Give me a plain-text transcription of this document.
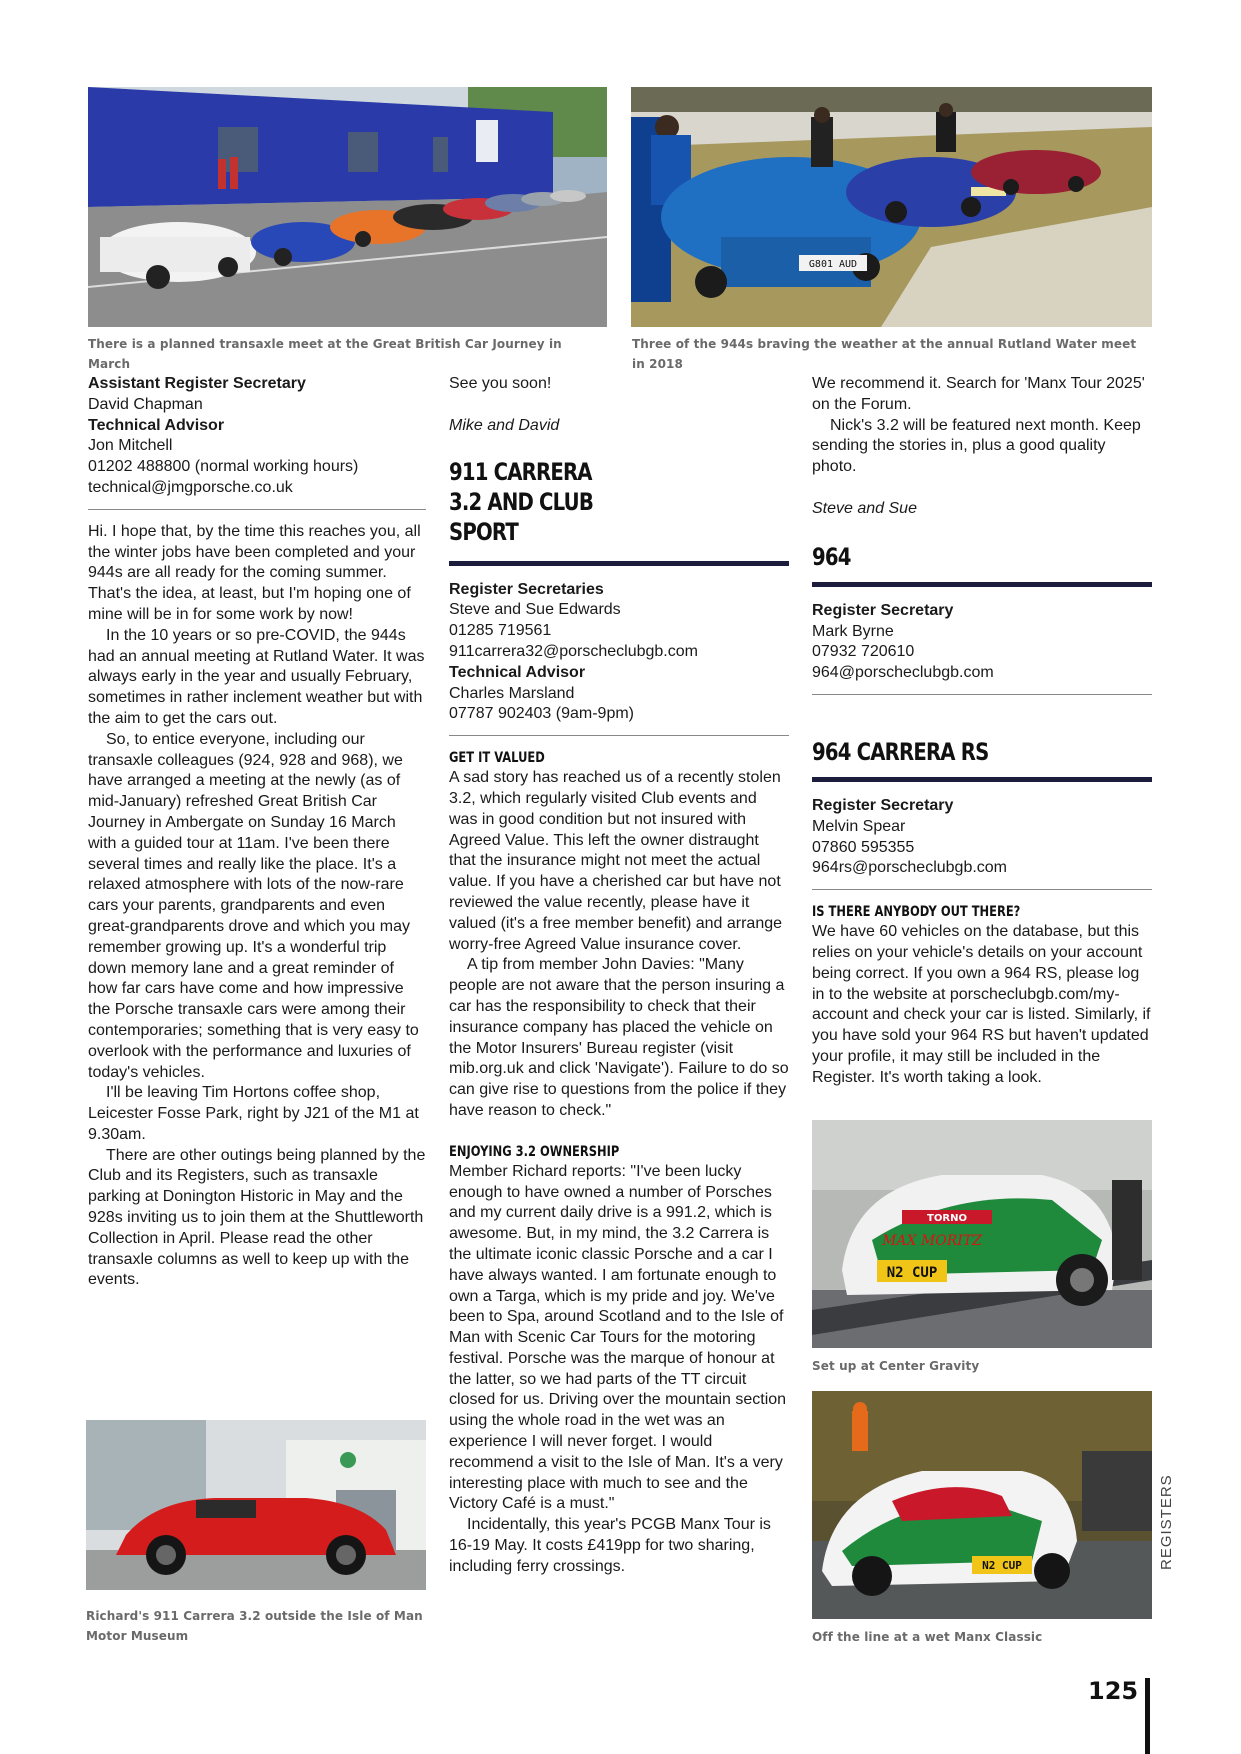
There is a planned transaxle meet at the Great British Car Journey in March
G801 AUD
Three of the 944s braving the weather at the annual Rutland Water meet in 2018
Assistant Register Secretary
David Chapman
Technical Advisor
Jon Mitchell
01202 488800 (normal working hours)
technical@jmgporsche.co.uk

Hi. I hope that, by the time this reaches you, all the winter jobs have been completed and your 944s are all ready for the coming summer. That's the idea, at least, but I'm hoping one of mine will be in for some work by now!

In the 10 years or so pre-COVID, the 944s had an annual meeting at Rutland Water. It was always early in the year and usually February, sometimes in rather inclement weather but with the aim to get the cars out.

So, to entice everyone, including our transaxle colleagues (924, 928 and 968), we have arranged a meeting at the newly (as of mid-January) refreshed Great British Car Journey in Ambergate on Sunday 16 March with a guided tour at 11am. I've been there several times and really like the place. It's a relaxed atmosphere with lots of the now-rare cars your parents, grandparents and even great-grandparents drove and which you may remember growing up. It's a wonderful trip down memory lane and a great reminder of how far cars have come and how impressive the Porsche transaxle cars were among their contemporaries; something that is very easy to overlook with the performance and luxuries of today's vehicles.

I'll be leaving Tim Hortons coffee shop, Leicester Fosse Park, right by J21 of the M1 at 9.30am.

There are other outings being planned by the Club and its Registers, such as transaxle parking at Donington Historic in May and the 928s inviting us to join them at the Shuttleworth Collection in April. Please read the other transaxle columns as well to keep up with the events.

Richard's 911 Carrera 3.2 outside the Isle of Man Motor Museum

See you soon!

Mike and David

911 CARRERA 3.2 AND CLUB SPORT
Register Secretaries
Steve and Sue Edwards
01285 719561
911carrera32@porscheclubgb.com
Technical Advisor
Charles Marsland
07787 902403 (9am-9pm)
GET IT VALUED

A sad story has reached us of a recently stolen 3.2, which regularly visited Club events and was in good condition but not insured with Agreed Value. This left the owner distraught that the insurance might not meet the actual value. If you have a cherished car but have not reviewed the value recently, please have it valued (it's a free member benefit) and arrange worry-free Agreed Value insurance cover.

A tip from member John Davies: "Many people are not aware that the person insuring a car has the responsibility to check that their insurance company has placed the vehicle on the Motor Insurers' Bureau register (visit mib.org.uk and click 'Navigate'). Failure to do so can give rise to questions from the police if they have reason to check."

ENJOYING 3.2 OWNERSHIP

Member Richard reports: "I've been lucky enough to have owned a number of Porsches and my current daily drive is a 991.2, which is awesome. But, in my mind, the 3.2 Carrera is the ultimate iconic classic Porsche and a car I have always wanted. I am fortunate enough to own a Targa, which is my pride and joy. We've been to Spa, around Scotland and to the Isle of Man with Scenic Car Tours for the motoring festival. Porsche was the marque of honour at the latter, so we had parts of the TT circuit closed for us. Driving over the mountain section using the whole road in the wet was an experience I will never forget. I would recommend a visit to the Isle of Man. It's a very interesting place with much to see and the Victory Café is a must."

Incidentally, this year's PCGB Manx Tour is 16-19 May. It costs £419pp for two sharing, including ferry crossings.

We recommend it. Search for 'Manx Tour 2025' on the Forum.

Nick's 3.2 will be featured next month. Keep sending the stories in, plus a good quality photo.

Steve and Sue

964
Register Secretary
Mark Byrne
07932 720610
964@porscheclubgb.com
964 CARRERA RS
Register Secretary
Melvin Spear
07860 595355
964rs@porscheclubgb.com
IS THERE ANYBODY OUT THERE?

We have 60 vehicles on the database, but this relies on your vehicle's details on your account being correct. If you own a 964 RS, please log in to the website at porscheclubgb.com/my-account and check your car is listed. Similarly, if you have sold your 964 RS but haven't updated your profile, it may still be included in the Register. It's worth taking a look.

TORNO
MAX MORITZ
N2 CUP
Set up at Center Gravity
N2 CUP
Off the line at a wet Manx Classic
REGISTERS
125
